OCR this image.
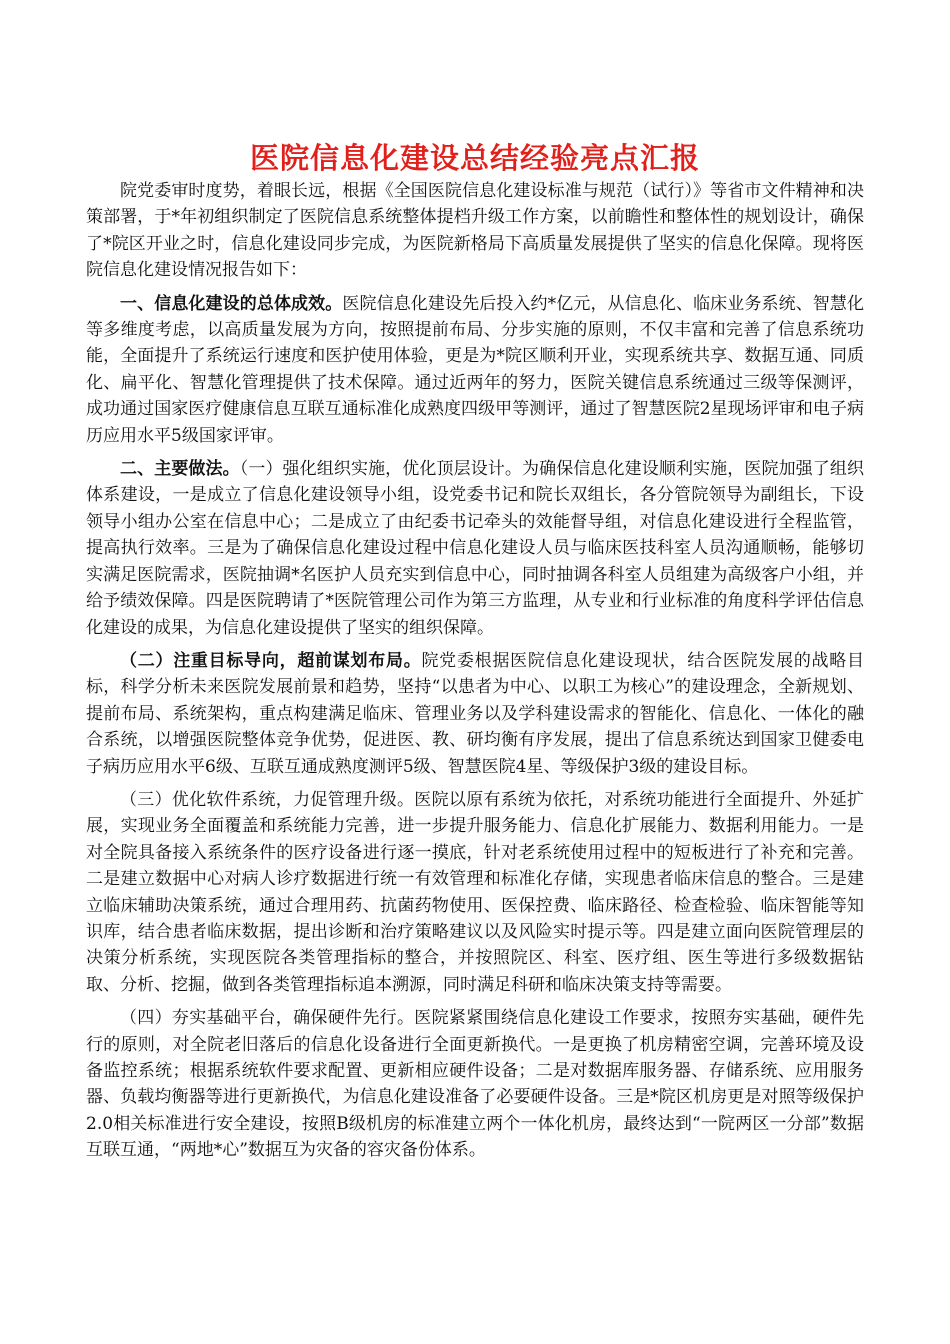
医院信息化建设总结经验亮点汇报

院党委审时度势，着眼长远，根据《全国医院信息化建设标准与规范（试行）》等省市文件精神和决策部署，于*年初组织制定了医院信息系统整体提档升级工作方案，以前瞻性和整体性的规划设计，确保了*院区开业之时，信息化建设同步完成，为医院新格局下高质量发展提供了坚实的信息化保障。现将医院信息化建设情况报告如下：

一、信息化建设的总体成效。医院信息化建设先后投入约*亿元，从信息化、临床业务系统、智慧化等多维度考虑，以高质量发展为方向，按照提前布局、分步实施的原则，不仅丰富和完善了信息系统功能，全面提升了系统运行速度和医护使用体验，更是为*院区顺利开业，实现系统共享、数据互通、同质化、扁平化、智慧化管理提供了技术保障。通过近两年的努力，医院关键信息系统通过三级等保测评，成功通过国家医疗健康信息互联互通标准化成熟度四级甲等测评，通过了智慧医院2星现场评审和电子病历应用水平5级国家评审。

二、主要做法。（一）强化组织实施，优化顶层设计。为确保信息化建设顺利实施，医院加强了组织体系建设，一是成立了信息化建设领导小组，设党委书记和院长双组长，各分管院领导为副组长，下设领导小组办公室在信息中心；二是成立了由纪委书记牵头的效能督导组，对信息化建设进行全程监管，提高执行效率。三是为了确保信息化建设过程中信息化建设人员与临床医技科室人员沟通顺畅，能够切实满足医院需求，医院抽调*名医护人员充实到信息中心，同时抽调各科室人员组建为高级客户小组，并给予绩效保障。四是医院聘请了*医院管理公司作为第三方监理，从专业和行业标准的角度科学评估信息化建设的成果，为信息化建设提供了坚实的组织保障。

（二）注重目标导向，超前谋划布局。院党委根据医院信息化建设现状，结合医院发展的战略目标，科学分析未来医院发展前景和趋势，坚持“以患者为中心、以职工为核心”的建设理念，全新规划、提前布局、系统架构，重点构建满足临床、管理业务以及学科建设需求的智能化、信息化、一体化的融合系统，以增强医院整体竞争优势，促进医、教、研均衡有序发展，提出了信息系统达到国家卫健委电子病历应用水平6级、互联互通成熟度测评5级、智慧医院4星、等级保护3级的建设目标。

（三）优化软件系统，力促管理升级。医院以原有系统为依托，对系统功能进行全面提升、外延扩展，实现业务全面覆盖和系统能力完善，进一步提升服务能力、信息化扩展能力、数据利用能力。一是对全院具备接入系统条件的医疗设备进行逐一摸底，针对老系统使用过程中的短板进行了补充和完善。二是建立数据中心对病人诊疗数据进行统一有效管理和标准化存储，实现患者临床信息的整合。三是建立临床辅助决策系统，通过合理用药、抗菌药物使用、医保控费、临床路径、检查检验、临床智能等知识库，结合患者临床数据，提出诊断和治疗策略建议以及风险实时提示等。四是建立面向医院管理层的决策分析系统，实现医院各类管理指标的整合，并按照院区、科室、医疗组、医生等进行多级数据钻取、分析、挖掘，做到各类管理指标追本溯源，同时满足科研和临床决策支持等需要。

（四）夯实基础平台，确保硬件先行。医院紧紧围绕信息化建设工作要求，按照夯实基础，硬件先行的原则，对全院老旧落后的信息化设备进行全面更新换代。一是更换了机房精密空调，完善环境及设备监控系统；根据系统软件要求配置、更新相应硬件设备；二是对数据库服务器、存储系统、应用服务器、负载均衡器等进行更新换代，为信息化建设准备了必要硬件设备。三是*院区机房更是对照等级保护2.0相关标准进行安全建设，按照B级机房的标准建立两个一体化机房，最终达到“一院两区一分部”数据互联互通，“两地*心”数据互为灾备的容灾备份体系。
